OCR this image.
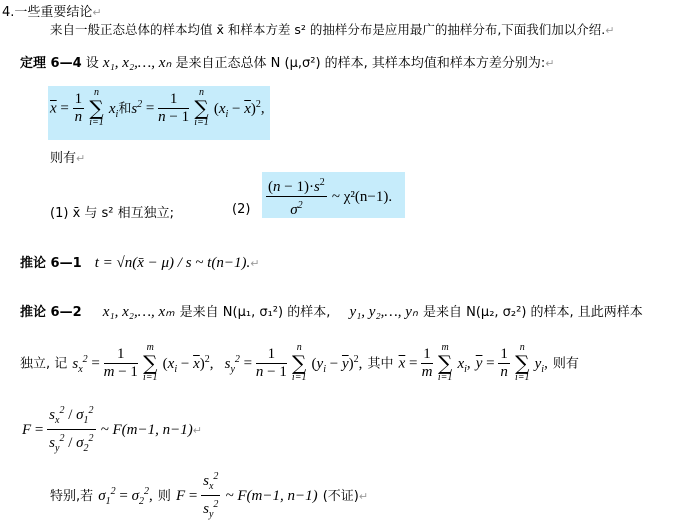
4.一些重要结论↵
来自一般正态总体的样本均值 x̄ 和样本方差 s² 的抽样分布是应用最广的抽样分布,下面我们加以介绍.↵
定理 6—4 设 x₁, x₂,…, xₙ 是来自正态总体 N (μ,σ²) 的样本, 其样本均值和样本方差分别为:↵
$\overline{x} = \frac{1}{n}$
n
∑
i=1
$x_i$和$s^2 = \frac{1}{n - 1}$
n
∑
i=1
$(x_i - \overline{x})^2$,
则有↵
(1) x̄ 与 s² 相互独立;	$(2) \frac{(n - 1)\cdot s^2}{\sigma^2}$ ~ χ²(n−1).
推论 6—1 t = √n(x̄ − μ) / s ~ t(n−1).↵
推论 6—2 x₁, x₂,…, xₘ 是来自 N(μ₁, σ₁²) 的样本, y₁, y₂,…, yₙ 是来自 N(μ₂, σ₂²) 的样本, 且此两样本
独立, 记 $s_x^2 = \frac{1}{m - 1}$
m
∑
i=1
$(x_i - \overline{x})^2$, $s_y^2 = \frac{1}{n - 1}$
n
∑
i=1
$(y_i - \overline{y})^2$, 其中 $\overline{x} = \frac{1}{m}$
m
∑
i=1
$x_i$, $\overline{y} = \frac{1}{n}$
n
∑
i=1
$y_i$, 则有
$F = \frac{s_x^2 / \sigma_1^2}{s_y^2 / \sigma_2^2}$ ~ F(m−1, n−1)↵
特别,若 $\sigma_1^2 = \sigma_2^2$, 则 $F = \frac{s_x^2}{s_y^2}$ ~ F(m−1, n−1) (不证)↵
